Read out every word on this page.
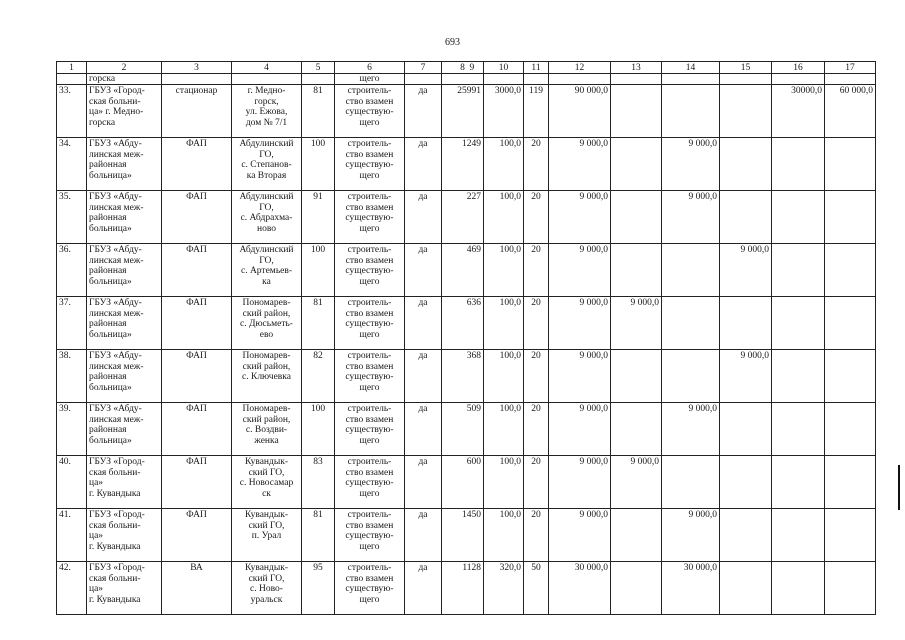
693
1	2	3	4	5	6	7	8	10	11	12	13	14	15	16	17
	горска				щего										
33.	ГБУЗ «Город-
ская больни-
ца» г. Медно-
горска	стационар	г. Медно-
горск,
ул. Ежова,
дом № 7/1	81	строитель-
ство взамен
существую-
щего	да	25991	3000,0	119	90 000,0				30000,0	60 000,0
34.	ГБУЗ «Абду-
линская меж-
районная
больница»	ФАП	Абдулинский
ГО,
с. Степанов-
ка Вторая	100	строитель-
ство взамен
существую-
щего	да	1249	100,0	20	9 000,0		9 000,0			
35.	ГБУЗ «Абду-
линская меж-
районная
больница»	ФАП	Абдулинский
ГО,
с. Абдрахма-
ново	91	строитель-
ство взамен
существую-
щего	да	227	100,0	20	9 000,0		9 000,0			
36.	ГБУЗ «Абду-
линская меж-
районная
больница»	ФАП	Абдулинский
ГО,
с. Артемьев-
ка	100	строитель-
ство взамен
существую-
щего	да	469	100,0	20	9 000,0			9 000,0		
37.	ГБУЗ «Абду-
линская меж-
районная
больница»	ФАП	Пономарев-
ский район,
с. Дюсьметь-
ево	81	строитель-
ство взамен
существую-
щего	да	636	100,0	20	9 000,0	9 000,0				
38.	ГБУЗ «Абду-
линская меж-
районная
больница»	ФАП	Пономарев-
ский район,
с. Ключевка	82	строитель-
ство взамен
существую-
щего	да	368	100,0	20	9 000,0			9 000,0		
39.	ГБУЗ «Абду-
линская меж-
районная
больница»	ФАП	Пономарев-
ский район,
с. Воздви-
женка	100	строитель-
ство взамен
существую-
щего	да	509	100,0	20	9 000,0		9 000,0			
40.	ГБУЗ «Город-
ская больни-
ца»
г. Кувандыка	ФАП	Кувандык-
ский ГО,
с. Новосамар
ск	83	строитель-
ство взамен
существую-
щего	да	600	100,0	20	9 000,0	9 000,0				
41.	ГБУЗ «Город-
ская больни-
ца»
г. Кувандыка	ФАП	Кувандык-
ский ГО,
п. Урал	81	строитель-
ство взамен
существую-
щего	да	1450	100,0	20	9 000,0		9 000,0			
42.	ГБУЗ «Город-
ская больни-
ца»
г. Кувандыка	ВА	Кувандык-
ский ГО,
с. Ново-
уральск	95	строитель-
ство взамен
существую-
щего	да	1128	320,0	50	30 000,0		30 000,0			
9
